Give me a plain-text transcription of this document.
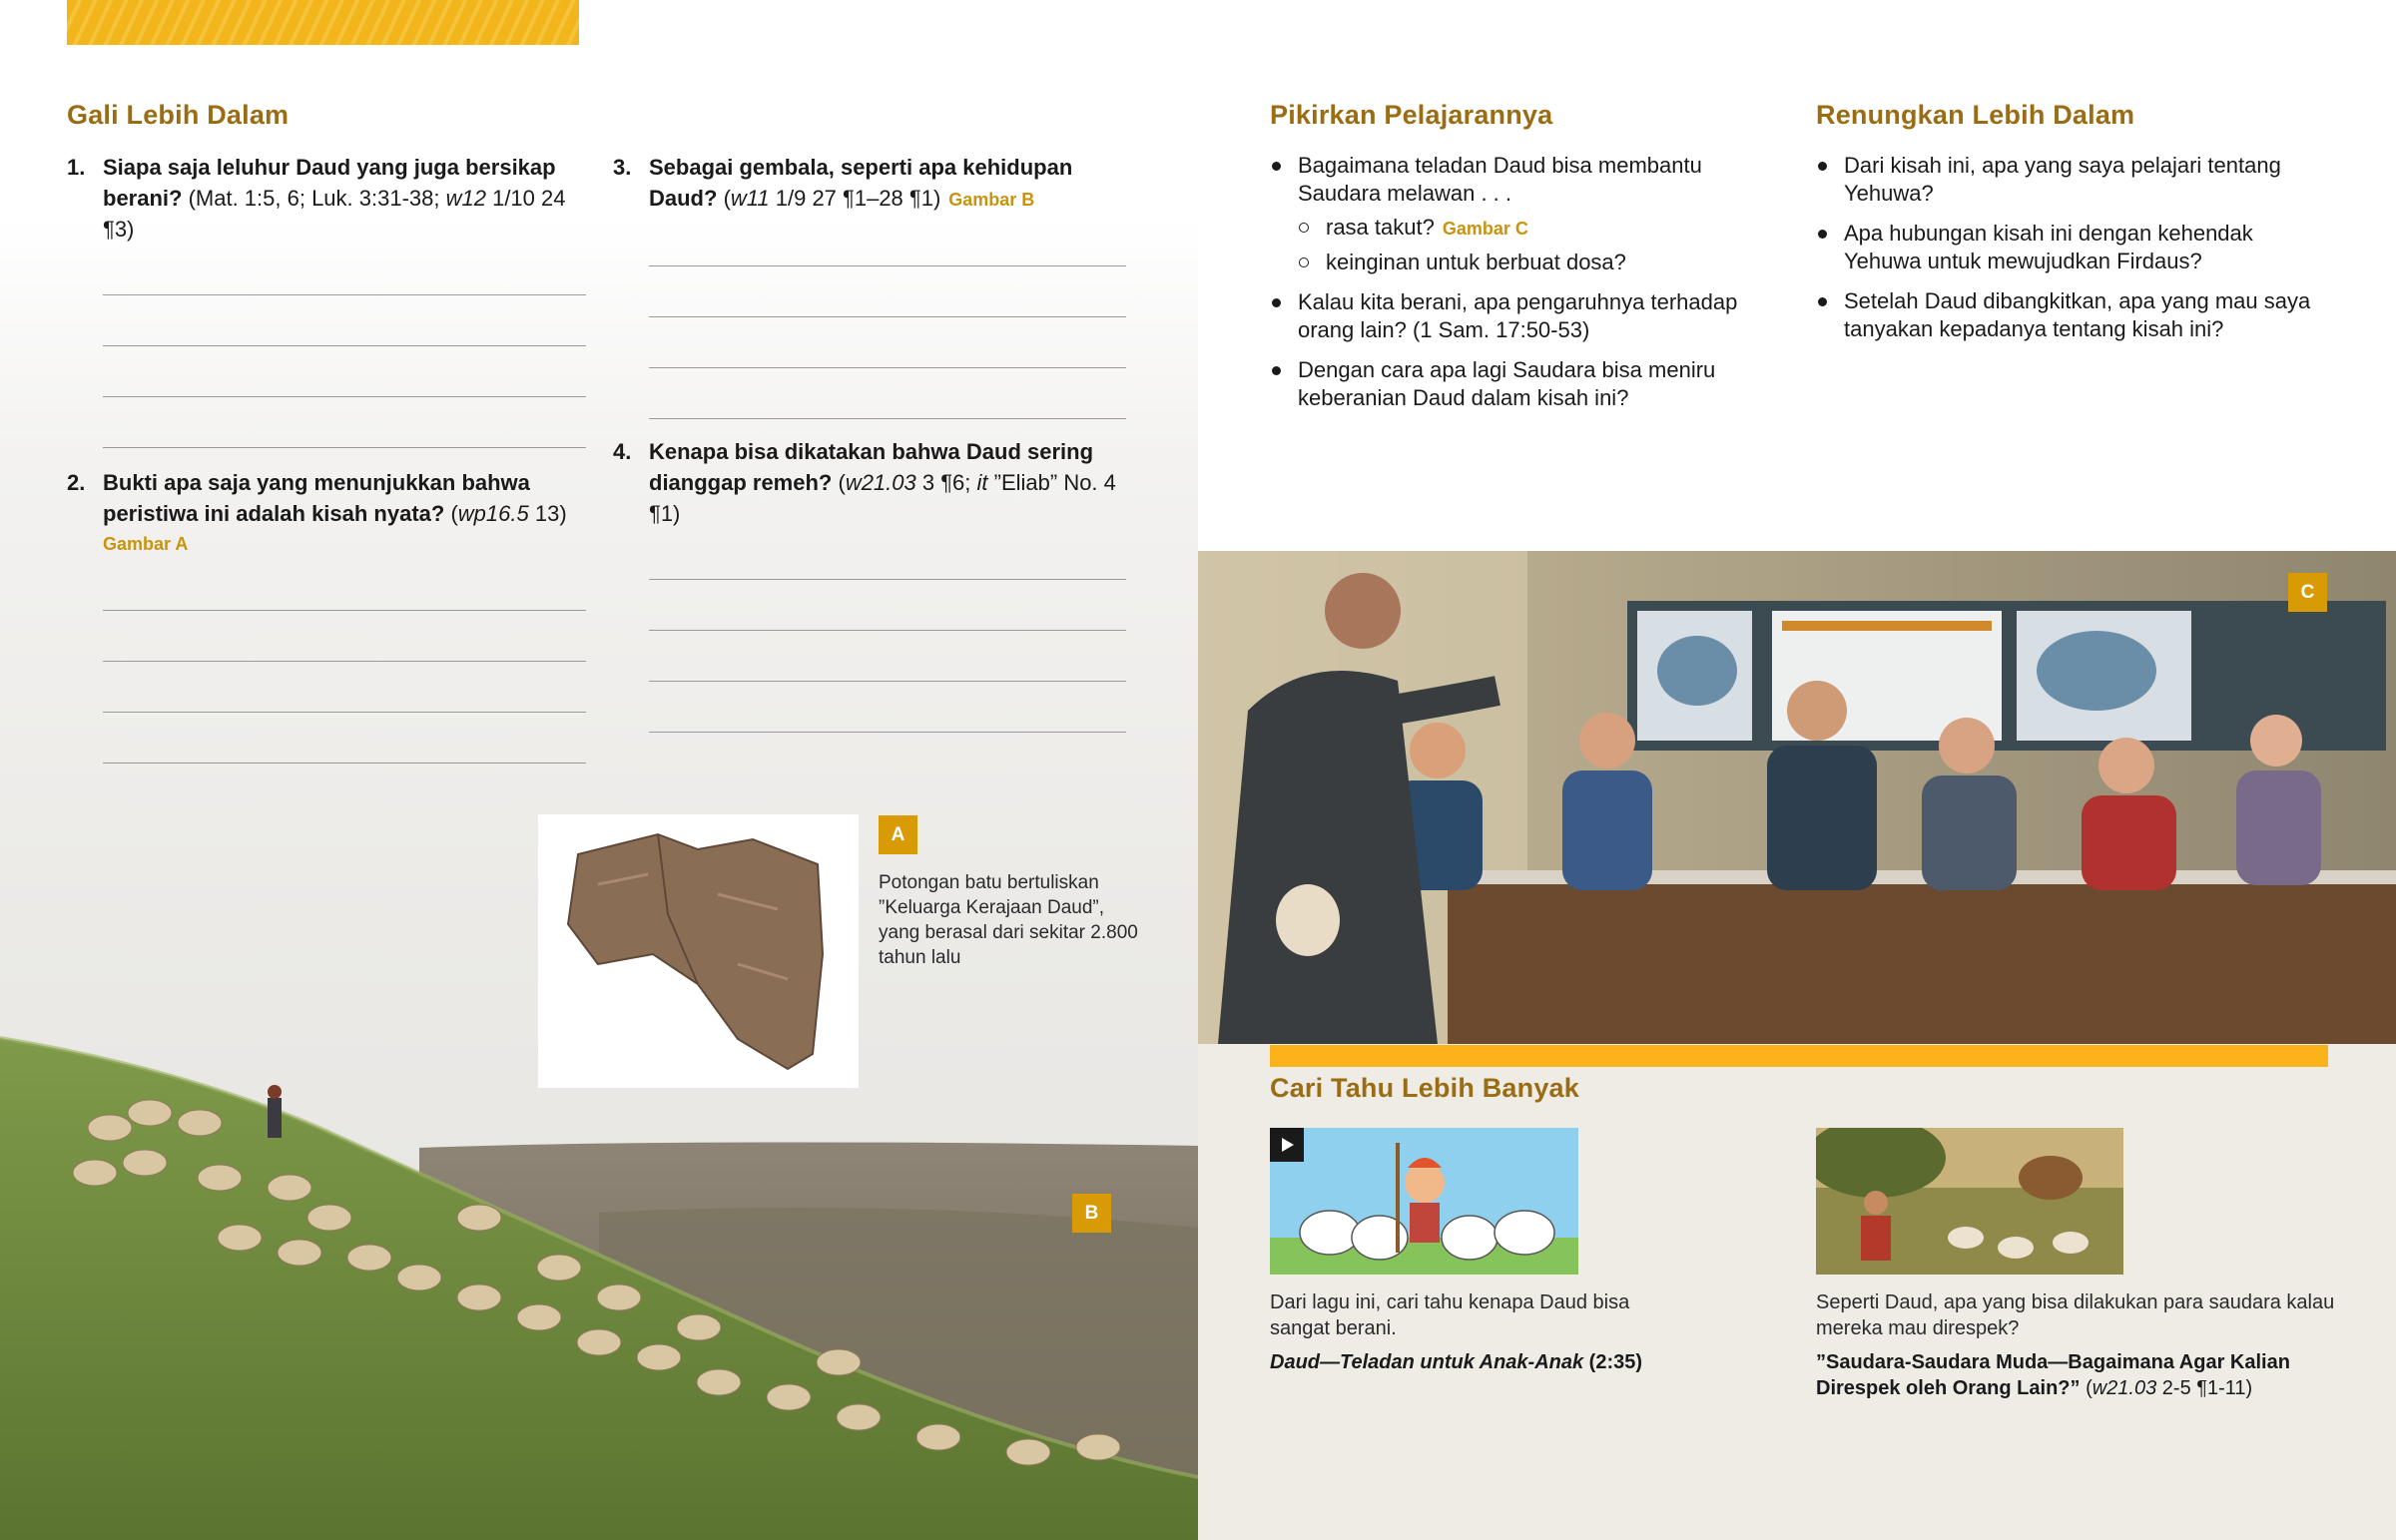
Gali Lebih Dalam
1. Siapa saja leluhur Daud yang juga bersikap berani? (Mat. 1:5, 6; Luk. 3:31-38; w12 1/10 24 ¶3)
2. Bukti apa saja yang menunjukkan bahwa peristiwa ini adalah kisah nyata? (wp16.5 13)
Gambar A
3. Sebagai gembala, seperti apa kehidupan Daud? (w11 1/9 27 ¶1–28 ¶1) Gambar B
4. Kenapa bisa dikatakan bahwa Daud sering dianggap remeh? (w21.03 3 ¶6; it ”Eliab” No. 4 ¶1)
A
Potongan batu bertuliskan ”Keluarga Kerajaan Daud”, yang berasal dari sekitar 2.800 tahun lalu
B
Pikirkan Pelajarannya
Bagaimana teladan Daud bisa membantu Saudara melawan . . .
rasa takut? Gambar C
keinginan untuk berbuat dosa?
Kalau kita berani, apa pengaruhnya terhadap orang lain? (1 Sam. 17:50-53)
Dengan cara apa lagi Saudara bisa meniru keberanian Daud dalam kisah ini?
Renungkan Lebih Dalam
Dari kisah ini, apa yang saya pelajari tentang Yehuwa?
Apa hubungan kisah ini dengan kehendak Yehuwa untuk mewujudkan Firdaus?
Setelah Daud dibangkitkan, apa yang mau saya tanyakan kepadanya tentang kisah ini?
C
Cari Tahu Lebih Banyak
Dari lagu ini, cari tahu kenapa Daud bisa sangat berani.
Daud—Teladan untuk Anak-Anak (2:35)
Seperti Daud, apa yang bisa dilakukan para saudara kalau mereka mau direspek?
”Saudara-Saudara Muda—Bagaimana Agar Kalian Direspek oleh Orang Lain?” (w21.03 2-5 ¶1-11)
